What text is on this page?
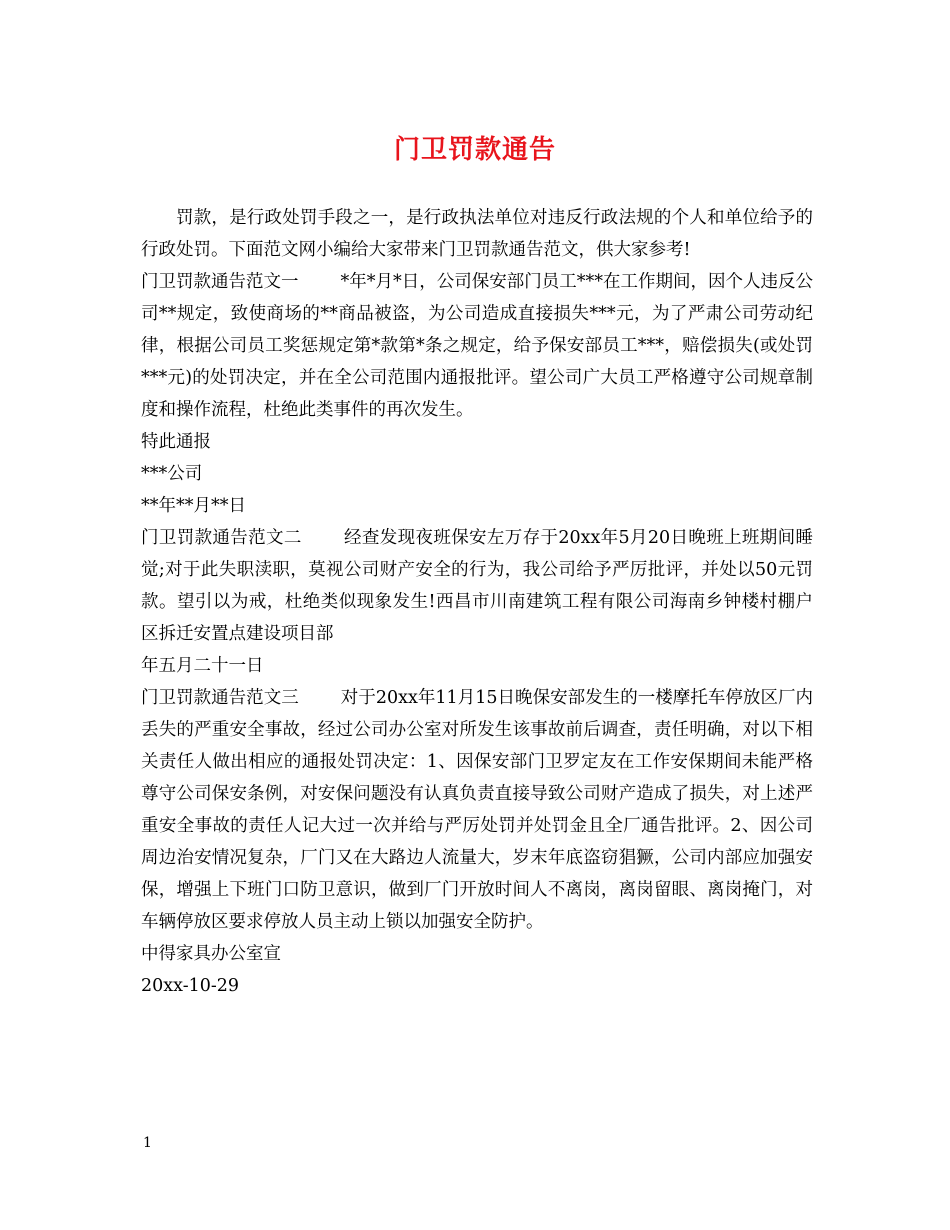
门卫罚款通告

罚款，是行政处罚手段之一，是行政执法单位对违反行政法规的个人和单位给予的行政处罚。下面范文网小编给大家带来门卫罚款通告范文，供大家参考!

门卫罚款通告范文一 *年*月*日，公司保安部门员工***在工作期间，因个人违反公司**规定，致使商场的**商品被盗，为公司造成直接损失***元，为了严肃公司劳动纪律，根据公司员工奖惩规定第*款第*条之规定，给予保安部员工***，赔偿损失(或处罚***元)的处罚决定，并在全公司范围内通报批评。望公司广大员工严格遵守公司规章制度和操作流程，杜绝此类事件的再次发生。

特此通报

***公司

**年**月**日

门卫罚款通告范文二 经查发现夜班保安左万存于20xx年5月20日晚班上班期间睡觉;对于此失职渎职，莫视公司财产安全的行为，我公司给予严厉批评，并处以50元罚款。望引以为戒，杜绝类似现象发生!西昌市川南建筑工程有限公司海南乡钟楼村棚户区拆迁安置点建设项目部

年五月二十一日

门卫罚款通告范文三 对于20xx年11月15日晚保安部发生的一楼摩托车停放区厂内丢失的严重安全事故，经过公司办公室对所发生该事故前后调查，责任明确，对以下相关责任人做出相应的通报处罚决定：1、因保安部门卫罗定友在工作安保期间未能严格尊守公司保安条例，对安保问题没有认真负责直接导致公司财产造成了损失，对上述严重安全事故的责任人记大过一次并给与严厉处罚并处罚金且全厂通告批评。2、因公司周边治安情况复杂，厂门又在大路边人流量大，岁末年底盗窃猖獗，公司内部应加强安保，增强上下班门口防卫意识，做到厂门开放时间人不离岗，离岗留眼、离岗掩门，对车辆停放区要求停放人员主动上锁以加强安全防护。

中得家具办公室宣

20xx-10-29

1
